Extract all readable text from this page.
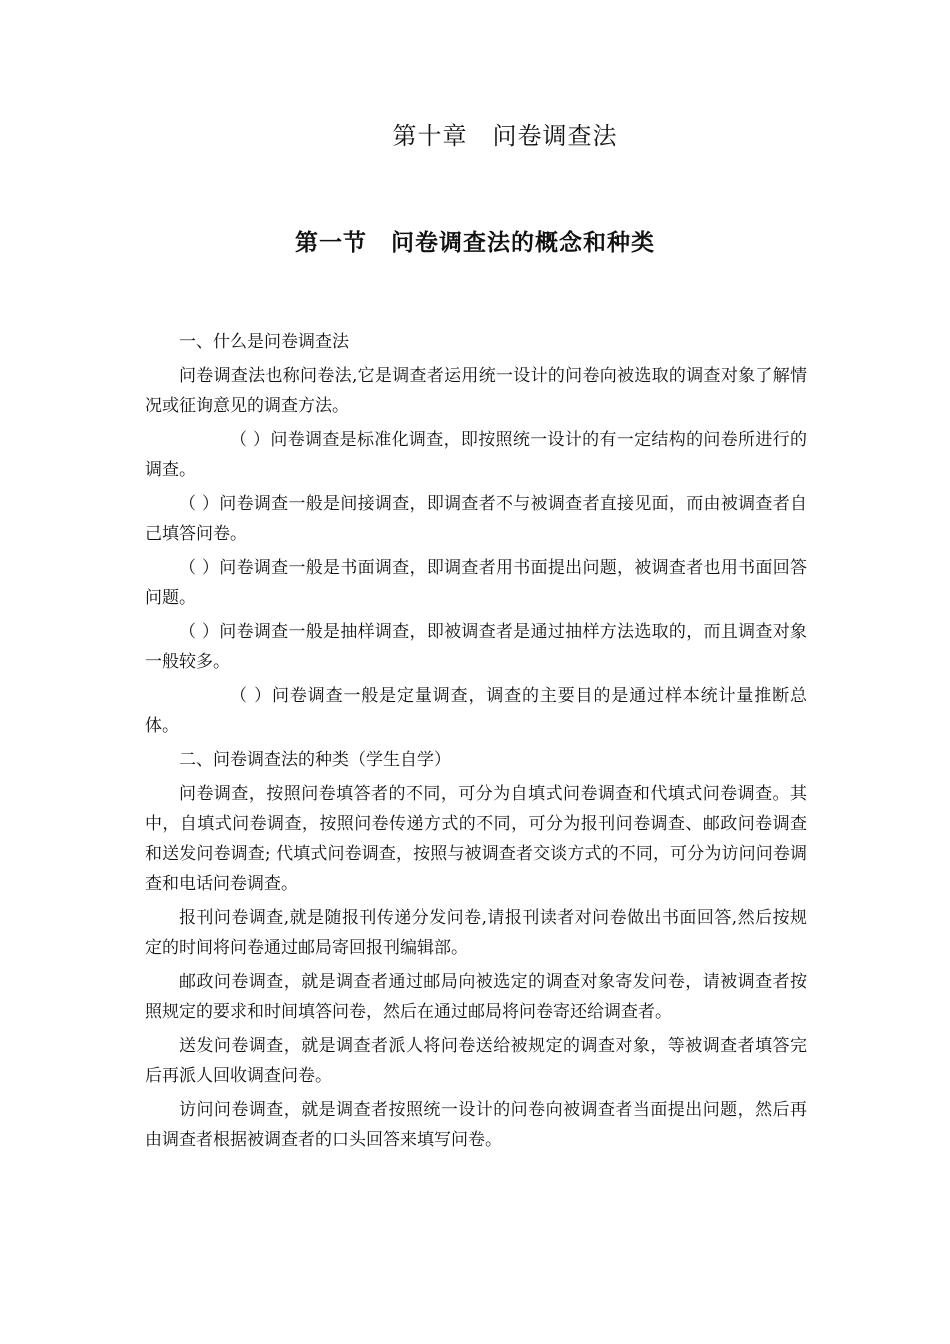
第十章　问卷调查法
第一节　问卷调查法的概念和种类

一、什么是问卷调查法

问卷调查法也称问卷法,它是调查者运用统一设计的问卷向被选取的调查对象了解情况或征询意见的调查方法。

（ ）问卷调查是标准化调查，即按照统一设计的有一定结构的问卷所进行的调查。

（ ）问卷调查一般是间接调查，即调查者不与被调查者直接见面，而由被调查者自己填答问卷。

（ ）问卷调查一般是书面调查，即调查者用书面提出问题，被调查者也用书面回答问题。

（ ）问卷调查一般是抽样调查，即被调查者是通过抽样方法选取的，而且调查对象一般较多。

（ ）问卷调查一般是定量调查，调查的主要目的是通过样本统计量推断总体。

二、问卷调查法的种类（学生自学）

问卷调查，按照问卷填答者的不同，可分为自填式问卷调查和代填式问卷调查。其中，自填式问卷调查，按照问卷传递方式的不同，可分为报刊问卷调查、邮政问卷调查和送发问卷调查; 代填式问卷调查，按照与被调查者交谈方式的不同，可分为访问问卷调查和电话问卷调查。

报刊问卷调查,就是随报刊传递分发问卷,请报刊读者对问卷做出书面回答,然后按规定的时间将问卷通过邮局寄回报刊编辑部。

邮政问卷调查，就是调查者通过邮局向被选定的调查对象寄发问卷，请被调查者按照规定的要求和时间填答问卷，然后在通过邮局将问卷寄还给调查者。

送发问卷调查，就是调查者派人将问卷送给被规定的调查对象，等被调查者填答完后再派人回收调查问卷。

访问问卷调查，就是调查者按照统一设计的问卷向被调查者当面提出问题，然后再由调查者根据被调查者的口头回答来填写问卷。
